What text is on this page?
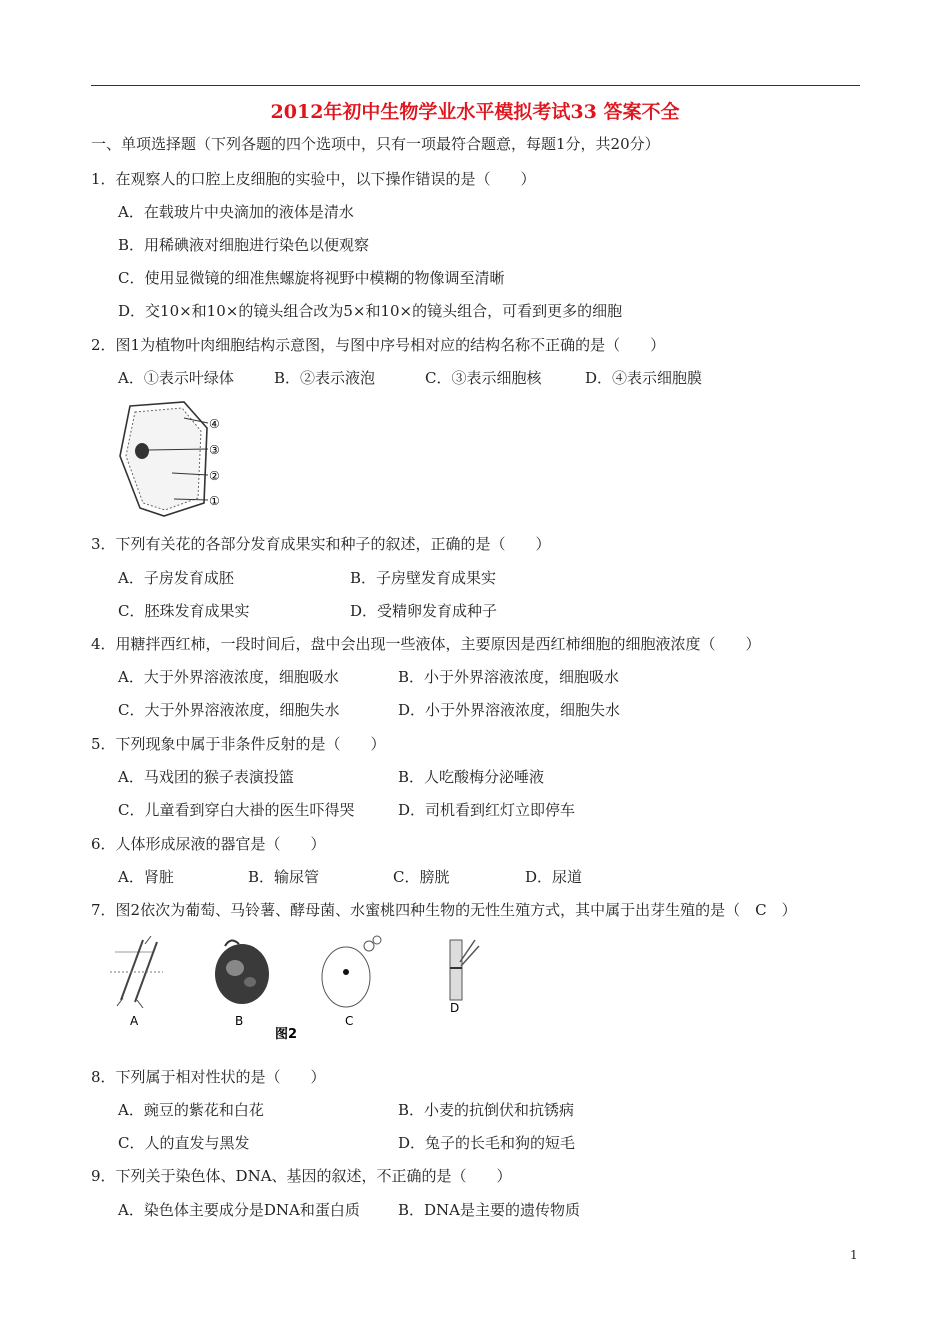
2012年初中生物学业水平模拟考试33 答案不全
一、单项选择题（下列各题的四个选项中，只有一项最符合题意，每题1分，共20分）
1．在观察人的口腔上皮细胞的实验中，以下操作错误的是（　　）
A．在载玻片中央滴加的液体是清水
B．用稀碘液对细胞进行染色以便观察
C．使用显微镜的细准焦螺旋将视野中模糊的物像调至清晰
D．交10×和10×的镜头组合改为5×和10×的镜头组合，可看到更多的细胞
2．图1为植物叶肉细胞结构示意图，与图中序号相对应的结构名称不正确的是（　　）
A．①表示叶绿体	B．②表示液泡	C．③表示细胞核	D．④表示细胞膜
④
③
②
①
3．下列有关花的各部分发育成果实和种子的叙述，正确的是（　　）
A．子房发育成胚	B．子房壁发育成果实
C．胚珠发育成果实	D．受精卵发育成种子
4．用糖拌西红柿，一段时间后，盘中会出现一些液体，主要原因是西红柿细胞的细胞液浓度（　　）
A．大于外界溶液浓度，细胞吸水	B．小于外界溶液浓度，细胞吸水
C．大于外界溶液浓度，细胞失水	D．小于外界溶液浓度，细胞失水
5．下列现象中属于非条件反射的是（　　）
A．马戏团的猴子表演投篮	B．人吃酸梅分泌唾液
C．儿童看到穿白大褂的医生吓得哭	D．司机看到红灯立即停车
6．人体形成尿液的器官是（　　）
A．肾脏	B．输尿管	C．膀胱	D．尿道
7．图2依次为葡萄、马铃薯、酵母菌、水蜜桃四种生物的无性生殖方式，其中属于出芽生殖的是（　C　）
A	B	C
D
图2
8．下列属于相对性状的是（　　）
A．豌豆的紫花和白花	B．小麦的抗倒伏和抗锈病
C．人的直发与黑发	D．兔子的长毛和狗的短毛
9．下列关于染色体、DNA、基因的叙述，不正确的是（　　）
A．染色体主要成分是DNA和蛋白质	B．DNA是主要的遗传物质
1
